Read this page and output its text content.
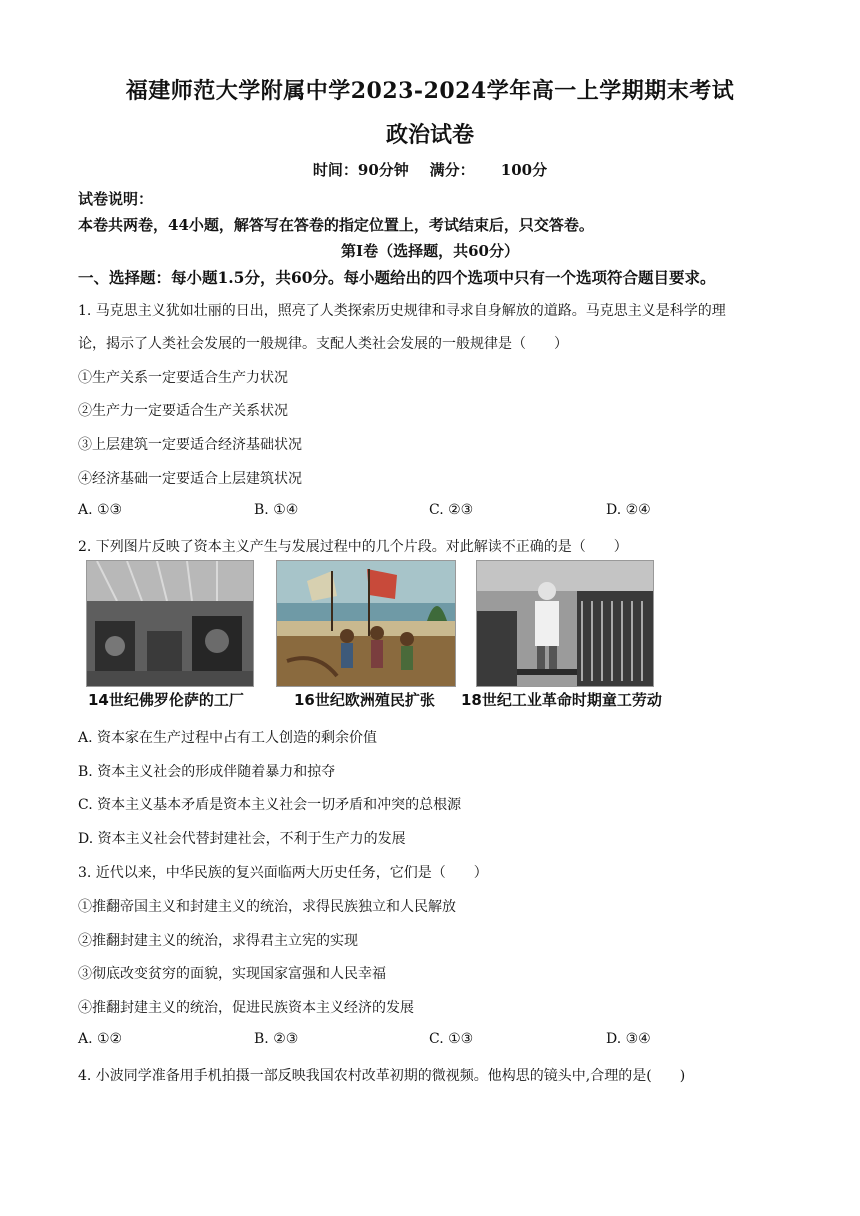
福建师范大学附属中学2023-2024学年高一上学期期末考试
政治试卷
时间：90分钟 满分： 100分
试卷说明：
本卷共两卷，44小题，解答写在答卷的指定位置上，考试结束后，只交答卷。
第Ⅰ卷（选择题，共60分）
一、选择题：每小题1.5分，共60分。每小题给出的四个选项中只有一个选项符合题目要求。
1. 马克思主义犹如壮丽的日出，照亮了人类探索历史规律和寻求自身解放的道路。马克思主义是科学的理
论，揭示了人类社会发展的一般规律。支配人类社会发展的一般规律是（　　）
①生产关系一定要适合生产力状况
②生产力一定要适合生产关系状况
③上层建筑一定要适合经济基础状况
④经济基础一定要适合上层建筑状况
A. ①③	B. ①④	C. ②③	D. ②④
2. 下列图片反映了资本主义产生与发展过程中的几个片段。对此解读不正确的是（　　）
14世纪佛罗伦萨的工厂	16世纪欧洲殖民扩张 18世纪工业革命时期童工劳动
A. 资本家在生产过程中占有工人创造的剩余价值
B. 资本主义社会的形成伴随着暴力和掠夺
C. 资本主义基本矛盾是资本主义社会一切矛盾和冲突的总根源
D. 资本主义社会代替封建社会，不利于生产力的发展
3. 近代以来，中华民族的复兴面临两大历史任务，它们是（　　）
①推翻帝国主义和封建主义的统治，求得民族独立和人民解放
②推翻封建主义的统治，求得君主立宪的实现
③彻底改变贫穷的面貌，实现国家富强和人民幸福
④推翻封建主义的统治，促进民族资本主义经济的发展
A. ①②	B. ②③	C. ①③	D. ③④
4. 小波同学准备用手机拍摄一部反映我国农村改革初期的微视频。他构思的镜头中,合理的是(　　)
